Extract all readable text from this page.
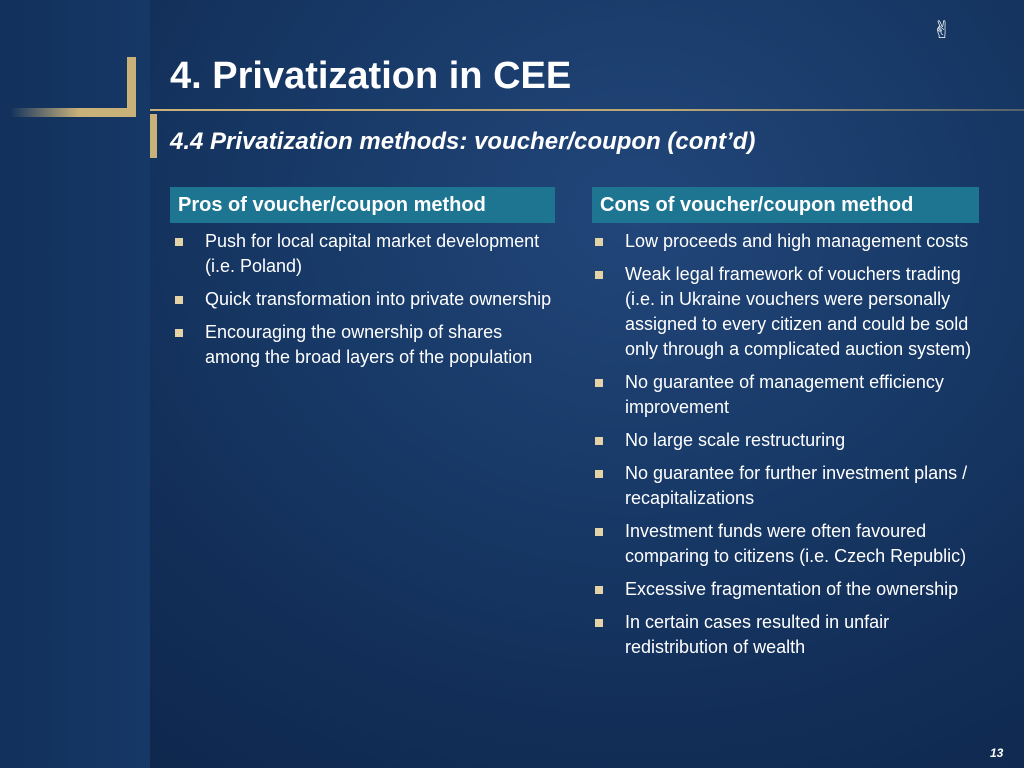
✌
4. Privatization in CEE
4.4 Privatization methods: voucher/coupon (cont’d)
Pros of voucher/coupon method	Cons of voucher/coupon method
Push for local capital market development (i.e. Poland)
Quick transformation into private ownership
Encouraging the ownership of shares among the broad layers of the population
Low proceeds and high management costs
Weak legal framework of vouchers trading (i.e. in Ukraine vouchers were personally assigned to every citizen and could be sold only through a complicated auction system)
No guarantee of management efficiency improvement
No large scale restructuring
No guarantee for further investment plans / recapitalizations
Investment funds were often favoured comparing to citizens (i.e. Czech Republic)
Excessive fragmentation of the ownership
In certain cases resulted in unfair redistribution of wealth
13
